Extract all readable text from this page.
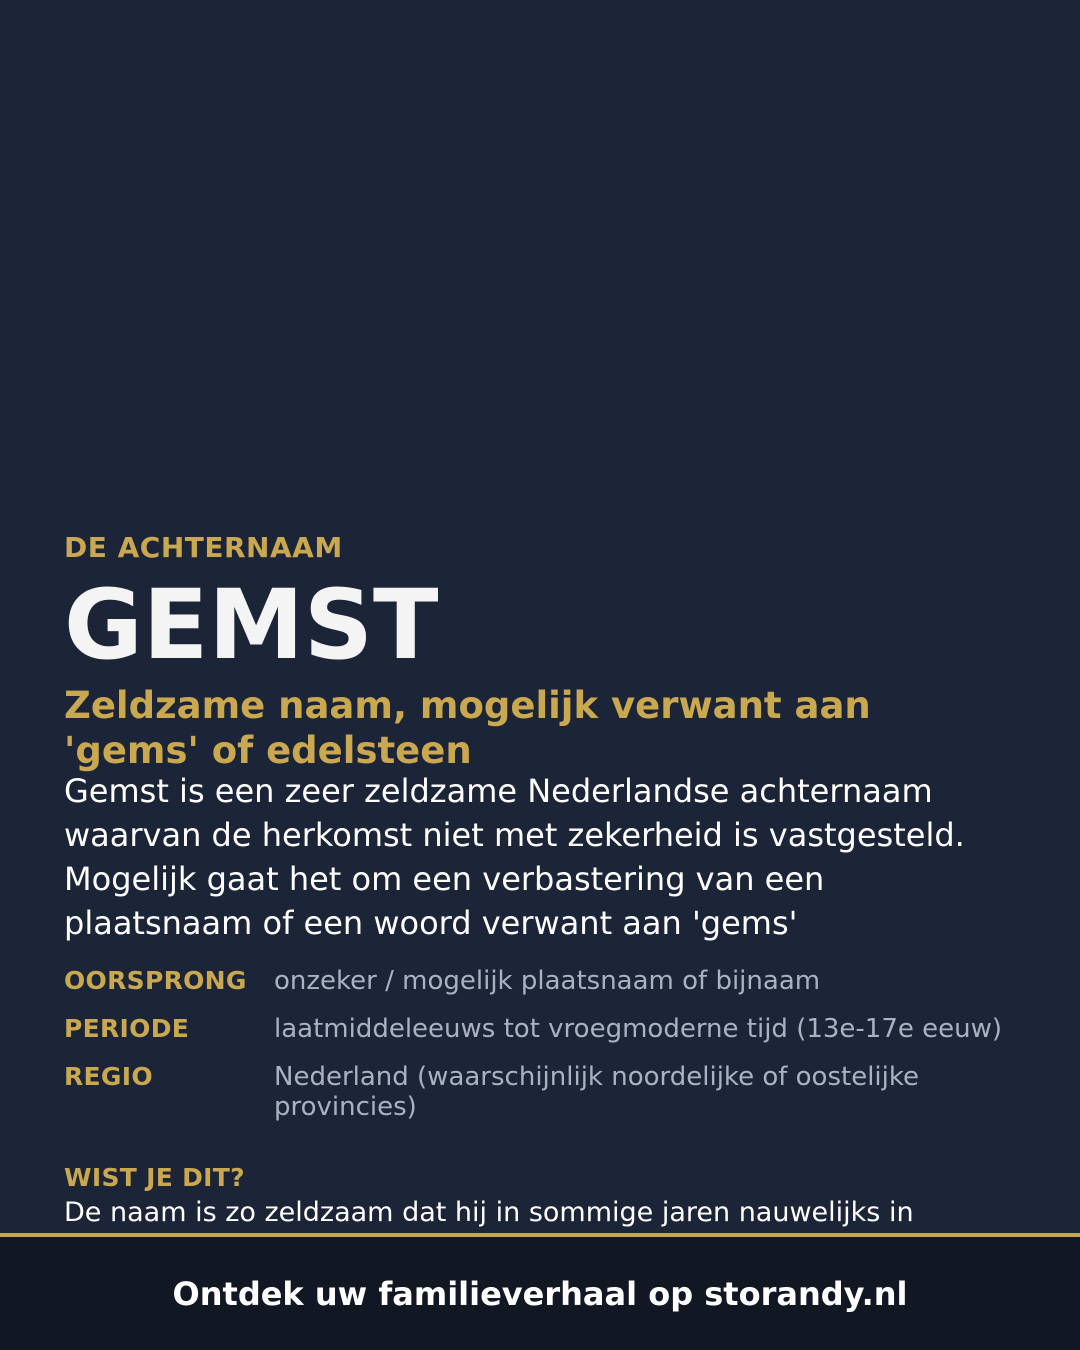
DE ACHTERNAAM
GEMST
Zeldzame naam, mogelijk verwant aan 'gems' of edelsteen
Gemst is een zeer zeldzame Nederlandse achternaam waarvan de herkomst niet met zekerheid is vastgesteld. Mogelijk gaat het om een verbastering van een plaatsnaam of een woord verwant aan 'gems'
OORSPRONG	onzeker / mogelijk plaatsnaam of bijnaam
PERIODE	laatmiddeleeuws tot vroegmoderne tijd (13e-17e eeuw)
REGIO	Nederland (waarschijnlijk noordelijke of oostelijke provincies)
WIST JE DIT?
De naam is zo zeldzaam dat hij in sommige jaren nauwelijks in
Ontdek uw familieverhaal op storandy.nl
